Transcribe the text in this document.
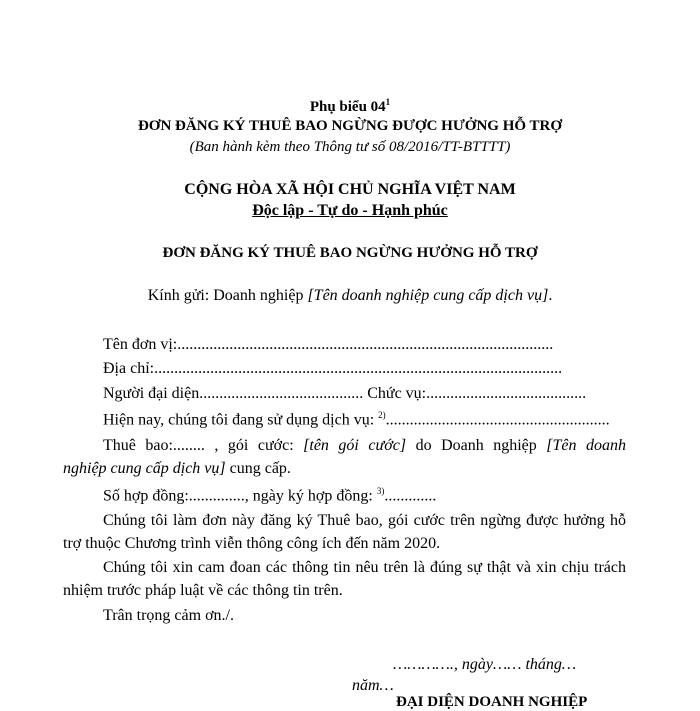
Phụ biểu $04^1$
ĐƠN ĐĂNG KÝ THUÊ BAO NGỪNG ĐƯỢC HƯỞNG HỖ TRỢ
(Ban hành kèm theo Thông tư số 08/2016/TT-BTTTT)
CỘNG HÒA XÃ HỘI CHỦ NGHĨA VIỆT NAM
Độc lập - Tự do - Hạnh phúc
ĐƠN ĐĂNG KÝ THUÊ BAO NGỪNG HƯỞNG HỖ TRỢ
Kính gửi: Doanh nghiệp [Tên doanh nghiệp cung cấp dịch vụ].
Tên đơn vị:..............................................................................................
Địa chỉ:......................................................................................................
Người đại diện......................................... Chức vụ:........................................
Hiện nay, chúng tôi đang sử dụng dịch vụ: $^{2)}$........................................................
Thuê bao:........ , gói cước: [tên gói cước] do Doanh nghiệp [Tên doanh
nghiệp cung cấp dịch vụ] cung cấp.
Số hợp đồng:.............., ngày ký hợp đồng: $^{3)}$.............
Chúng tôi làm đơn này đăng ký Thuê bao, gói cước trên ngừng được hưởng hỗ
trợ thuộc Chương trình viễn thông công ích đến năm 2020.
Chúng tôi xin cam đoan các thông tin nêu trên là đúng sự thật và xin chịu trách
nhiệm trước pháp luật về các thông tin trên.
Trân trọng cảm ơn./.
…………., ngày…… tháng…
năm…
ĐẠI DIỆN DOANH NGHIỆP
